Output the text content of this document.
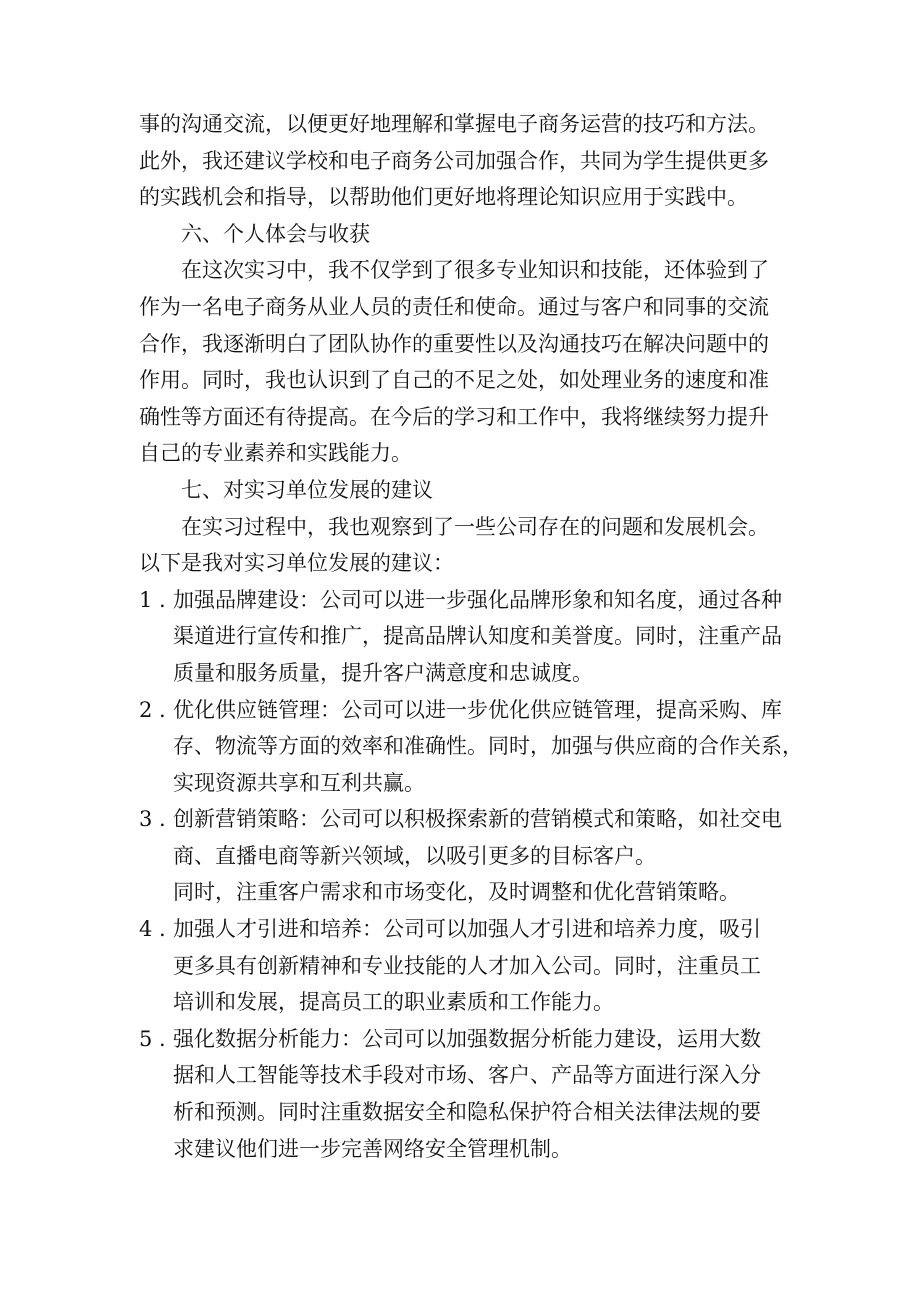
事的沟通交流，以便更好地理解和掌握电子商务运营的技巧和方法。
此外，我还建议学校和电子商务公司加强合作，共同为学生提供更多
的实践机会和指导，以帮助他们更好地将理论知识应用于实践中。
六、个人体会与收获
在这次实习中，我不仅学到了很多专业知识和技能，还体验到了
作为一名电子商务从业人员的责任和使命。通过与客户和同事的交流
合作，我逐渐明白了团队协作的重要性以及沟通技巧在解决问题中的
作用。同时，我也认识到了自己的不足之处，如处理业务的速度和准
确性等方面还有待提高。在今后的学习和工作中，我将继续努力提升
自己的专业素养和实践能力。
七、对实习单位发展的建议
在实习过程中，我也观察到了一些公司存在的问题和发展机会。
以下是我对实习单位发展的建议：
1 . 加强品牌建设：公司可以进一步强化品牌形象和知名度，通过各种
渠道进行宣传和推广，提高品牌认知度和美誉度。同时，注重产品
质量和服务质量，提升客户满意度和忠诚度。
2 . 优化供应链管理：公司可以进一步优化供应链管理，提高采购、库
存、物流等方面的效率和准确性。同时，加强与供应商的合作关系，
实现资源共享和互利共赢。
3 . 创新营销策略：公司可以积极探索新的营销模式和策略，如社交电
商、直播电商等新兴领域，以吸引更多的目标客户。
同时，注重客户需求和市场变化，及时调整和优化营销策略。
4 . 加强人才引进和培养：公司可以加强人才引进和培养力度，吸引
更多具有创新精神和专业技能的人才加入公司。同时，注重员工
培训和发展，提高员工的职业素质和工作能力。
5 . 强化数据分析能力：公司可以加强数据分析能力建设，运用大数
据和人工智能等技术手段对市场、客户、产品等方面进行深入分
析和预测。同时注重数据安全和隐私保护符合相关法律法规的要
求建议他们进一步完善网络安全管理机制。
